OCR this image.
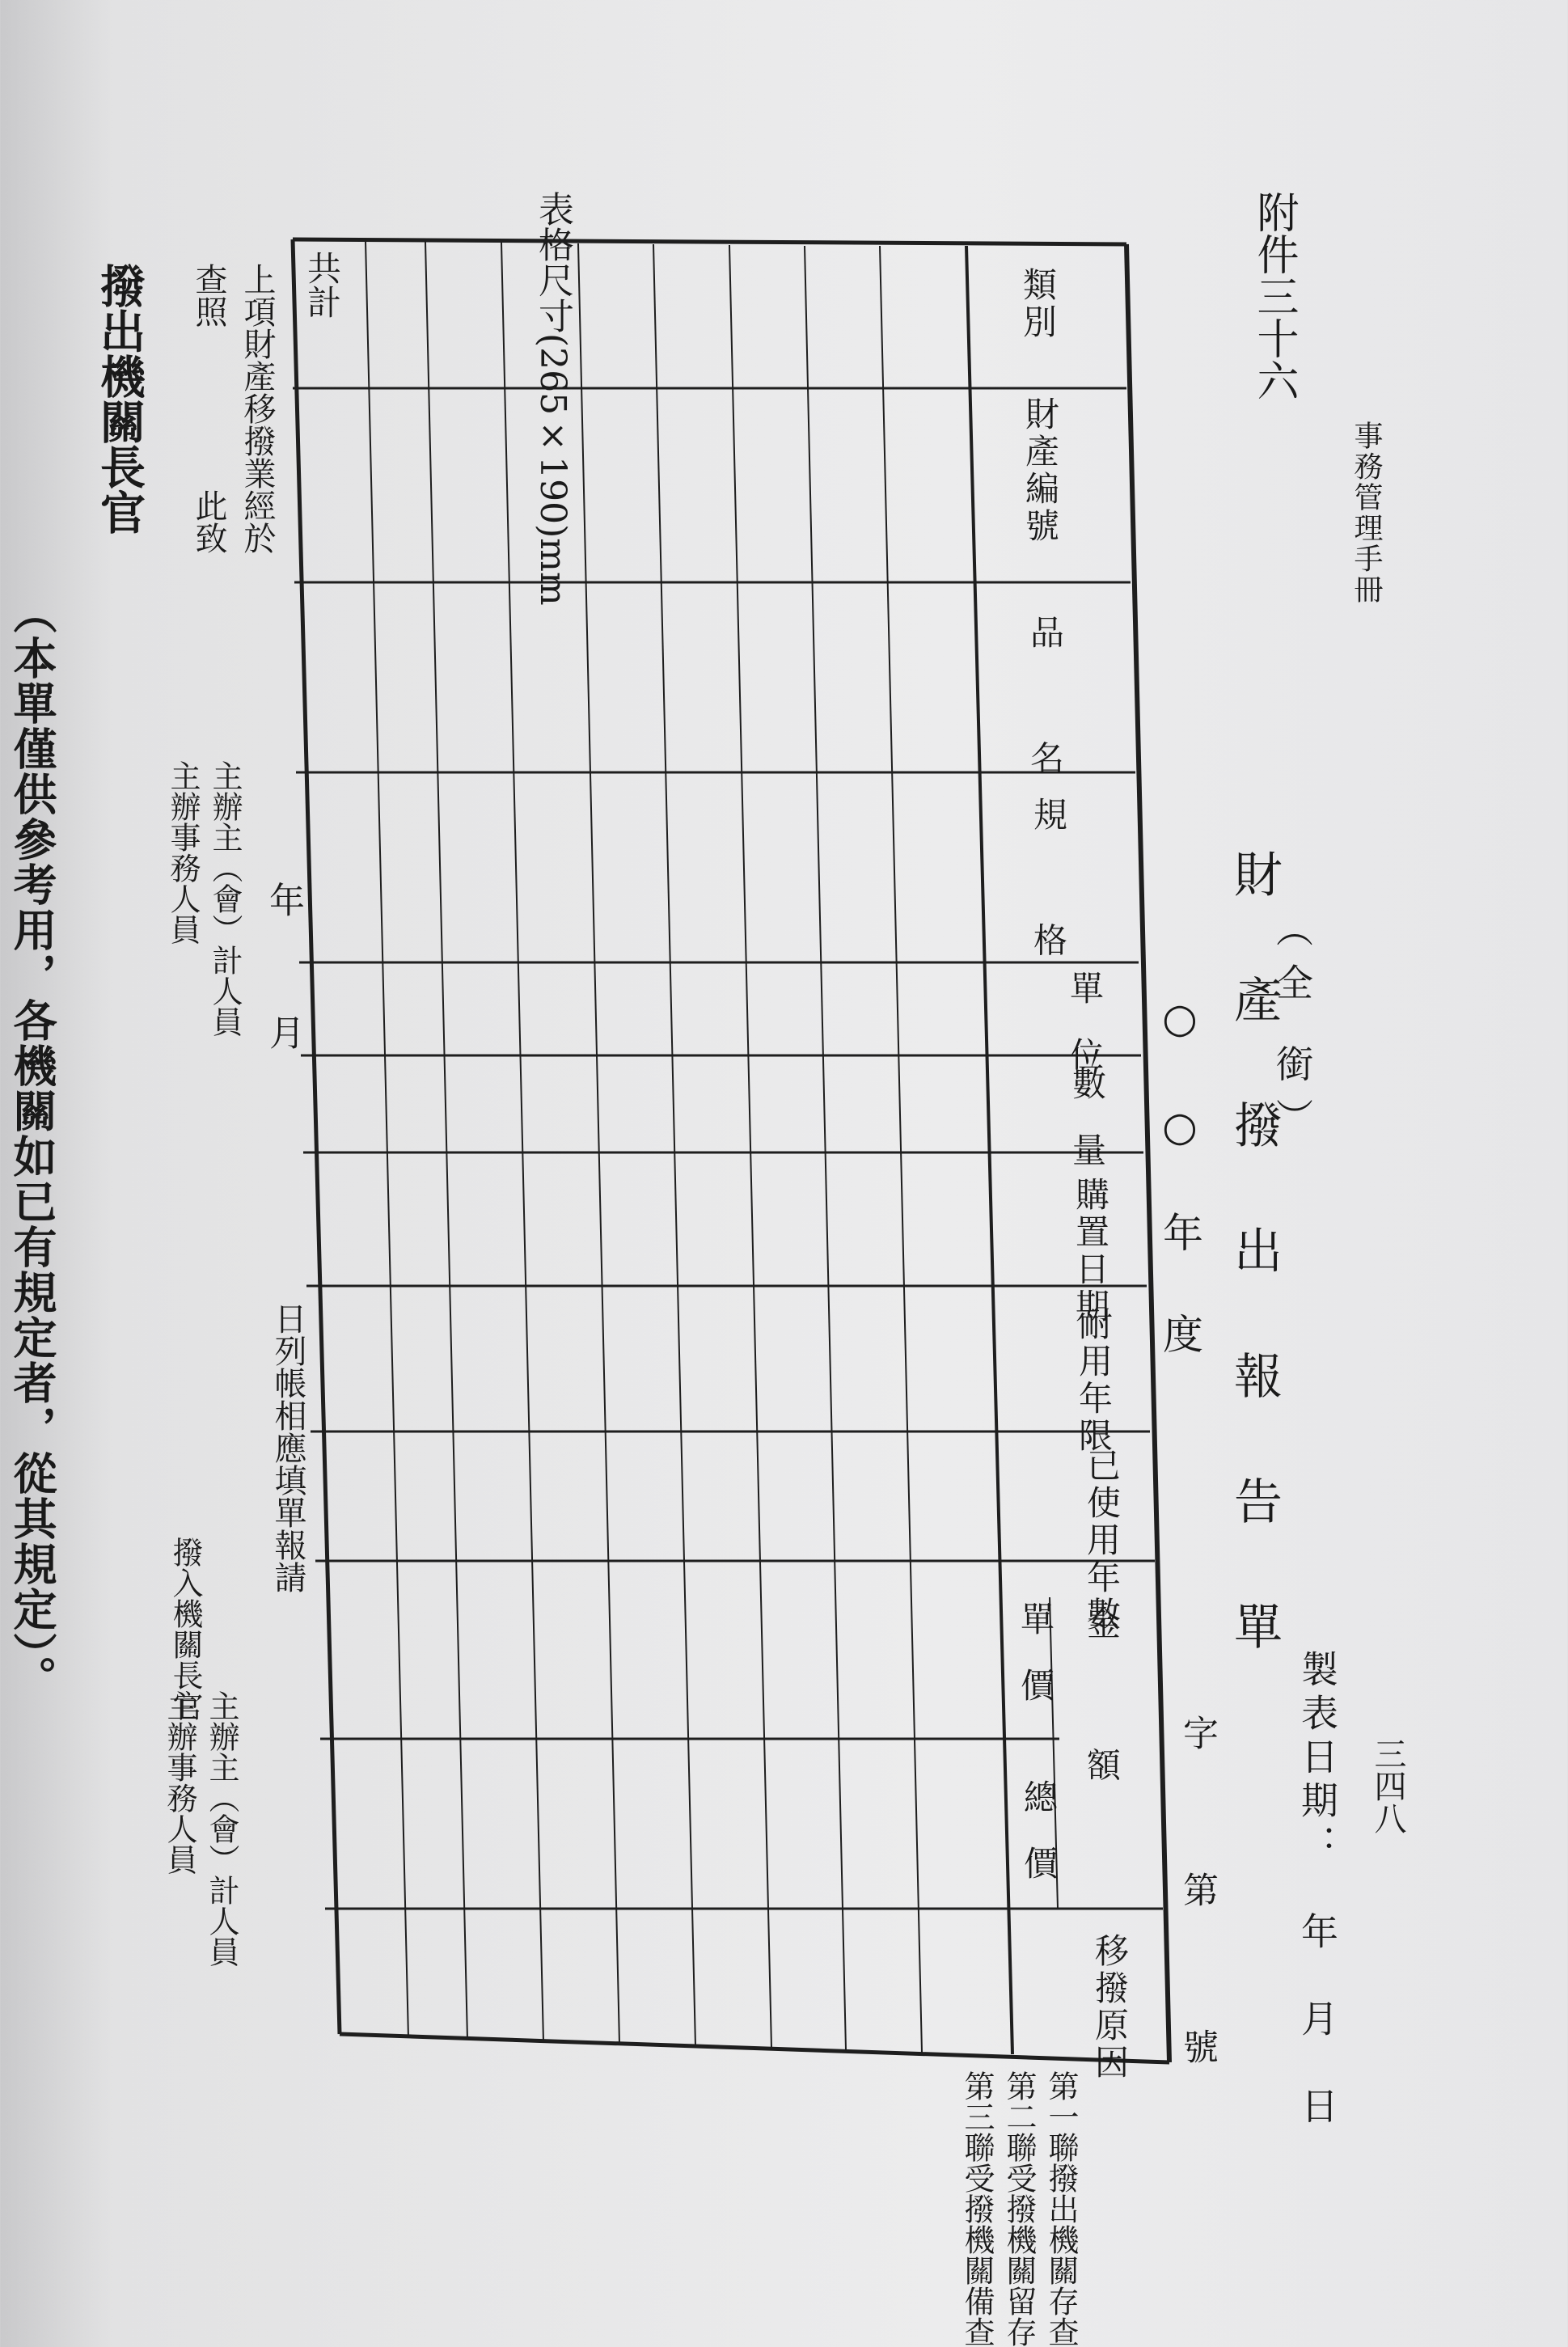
事務管理手冊
三四八
附件三十六
財 產 撥 出 報 告 單
（全 銜）
○ ○ 年 度
製表日期：　年　月　日
字第號
表格尺寸(265×190)mm	類別
財產編號
品 名
規 格
單位
數量
購置日期
耐用年限
已使用年數
金 額
單價
總價
移撥原因
共計
第一聯撥出機關存查
第二聯受撥機關留存
第三聯受撥機關備查
上項財產移撥業經於
查照　　　　　此致
年月
日列帳相應填單報請
主辦主（會）計人員
主辦事務人員
撥入機關長官
主辦主（會）計人員
主辦事務人員
撥出機關長官
（本單僅供參考用，各機關如已有規定者，從其規定）。
